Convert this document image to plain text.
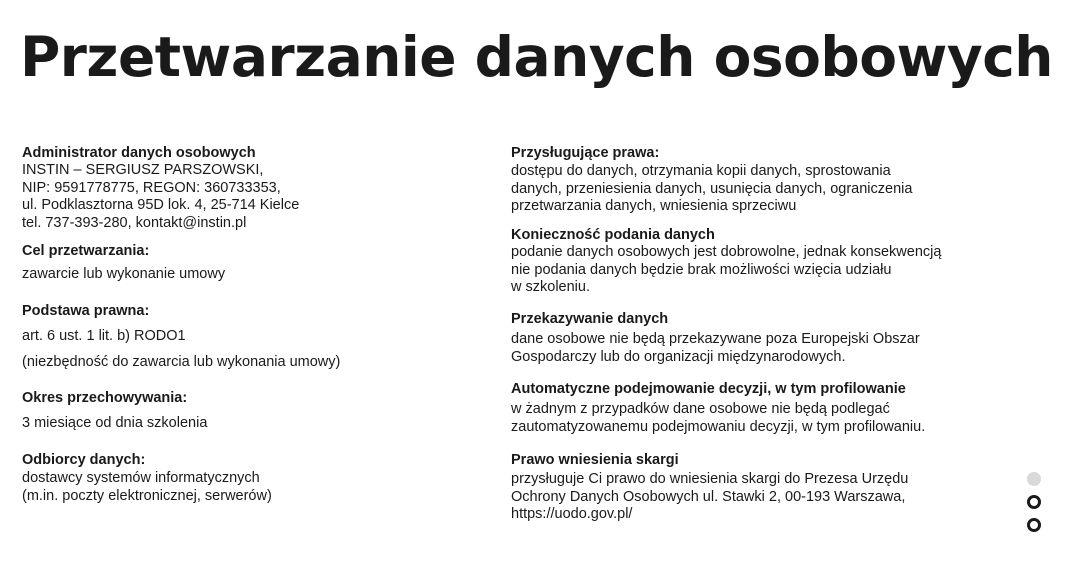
Przetwarzanie danych osobowych
Administrator danych osobowych
INSTIN – SERGIUSZ PARSZOWSKI,
NIP: 9591778775, REGON: 360733353,
ul. Podklasztorna 95D lok. 4, 25-714 Kielce
tel. 737-393-280, kontakt@instin.pl
Cel przetwarzania:
zawarcie lub wykonanie umowy
Podstawa prawna:
art. 6 ust. 1 lit. b) RODO1
(niezbędność do zawarcia lub wykonania umowy)
Okres przechowywania:
3 miesiące od dnia szkolenia
Odbiorcy danych:
dostawcy systemów informatycznych
(m.in. poczty elektronicznej, serwerów)
Przysługujące prawa:
dostępu do danych, otrzymania kopii danych, sprostowania
danych, przeniesienia danych, usunięcia danych, ograniczenia
przetwarzania danych, wniesienia sprzeciwu
Konieczność podania danych
podanie danych osobowych jest dobrowolne, jednak konsekwencją
nie podania danych będzie brak możliwości wzięcia udziału
w szkoleniu.
Przekazywanie danych
dane osobowe nie będą przekazywane poza Europejski Obszar
Gospodarczy lub do organizacji międzynarodowych.
Automatyczne podejmowanie decyzji, w tym profilowanie
w żadnym z przypadków dane osobowe nie będą podlegać
zautomatyzowanemu podejmowaniu decyzji, w tym profilowaniu.
Prawo wniesienia skargi
przysługuje Ci prawo do wniesienia skargi do Prezesa Urzędu
Ochrony Danych Osobowych ul. Stawki 2, 00-193 Warszawa,
https://uodo.gov.pl/
